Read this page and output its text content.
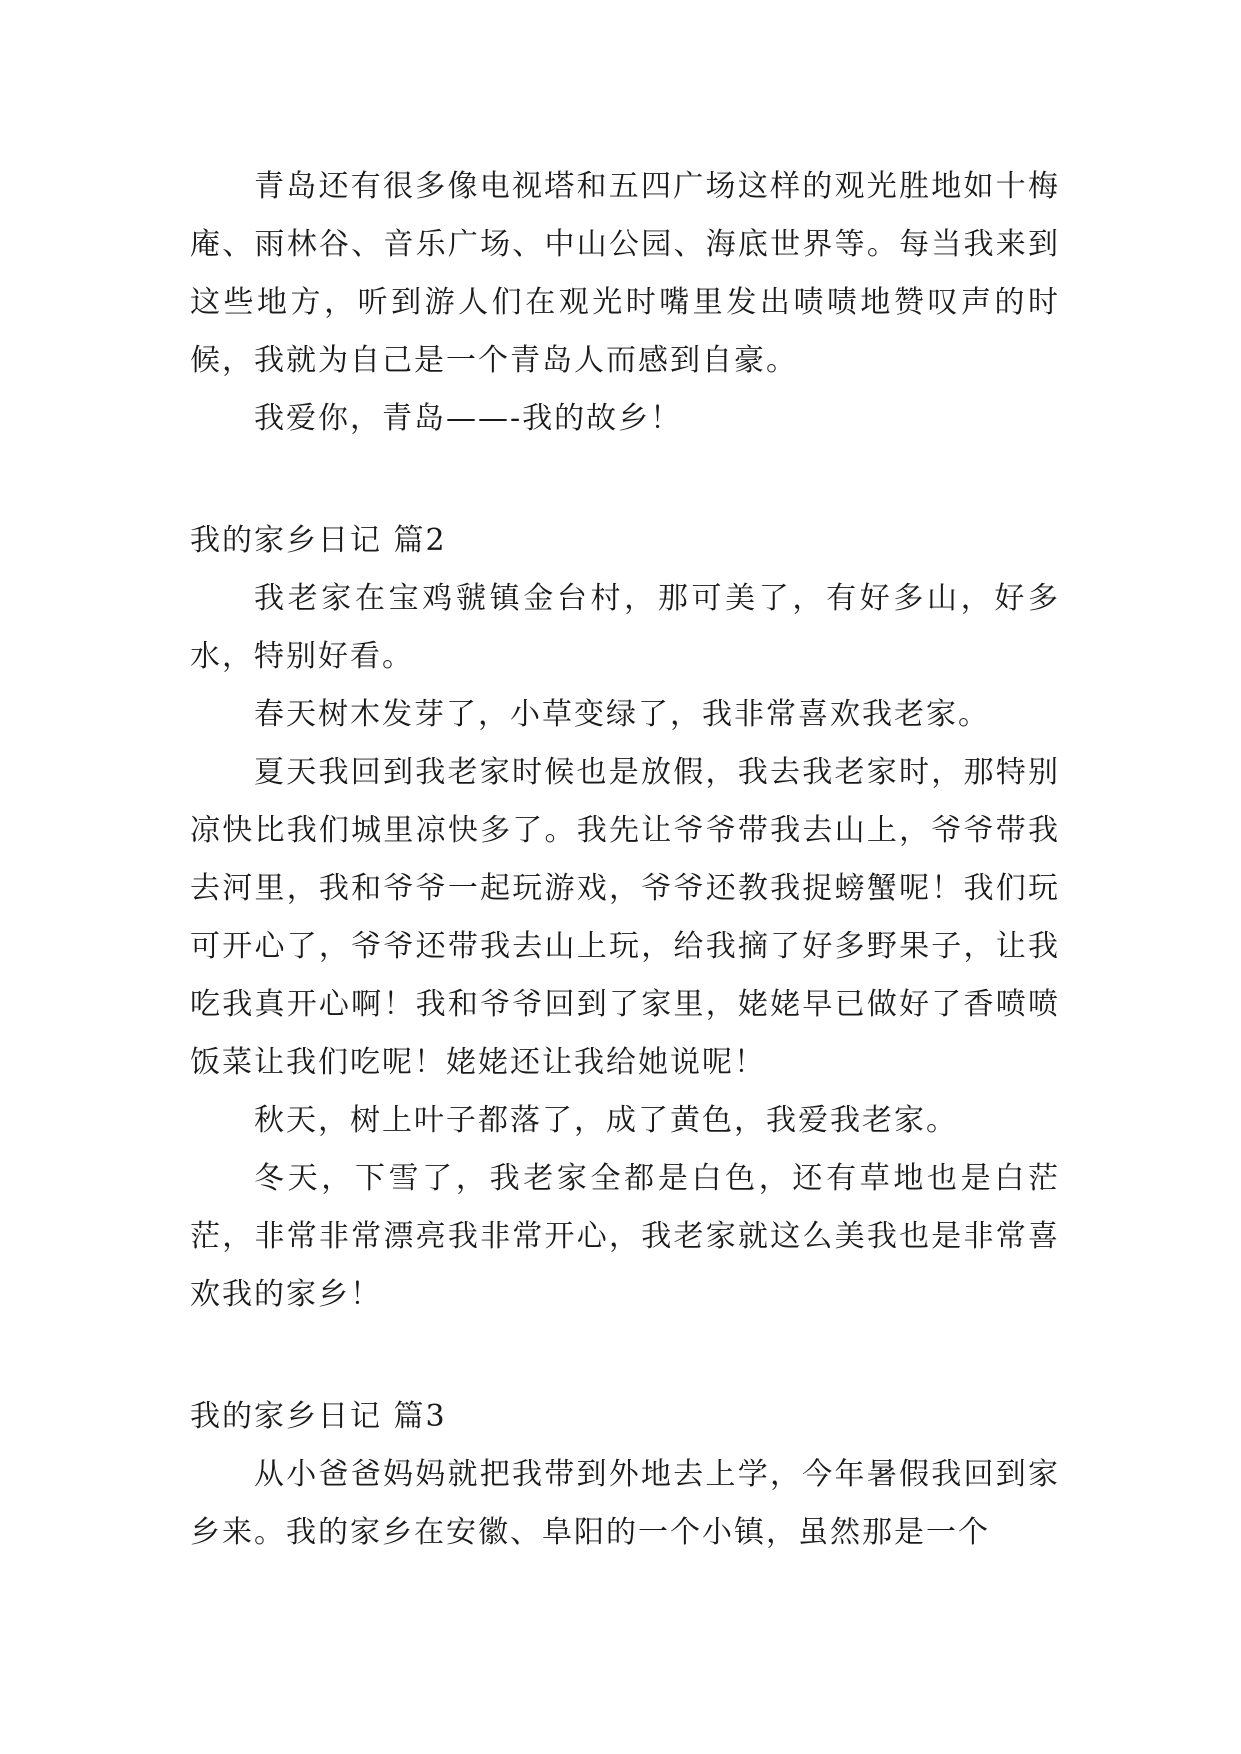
青岛还有很多像电视塔和五四广场这样的观光胜地如十梅庵、雨林谷、音乐广场、中山公园、海底世界等。每当我来到这些地方，听到游人们在观光时嘴里发出啧啧地赞叹声的时候，我就为自己是一个青岛人而感到自豪。

我爱你，青岛——-我的故乡！

我的家乡日记 篇2

我老家在宝鸡虢镇金台村，那可美了，有好多山，好多水，特别好看。

春天树木发芽了，小草变绿了，我非常喜欢我老家。

夏天我回到我老家时候也是放假，我去我老家时，那特别凉快比我们城里凉快多了。我先让爷爷带我去山上，爷爷带我去河里，我和爷爷一起玩游戏，爷爷还教我捉螃蟹呢！我们玩可开心了，爷爷还带我去山上玩，给我摘了好多野果子，让我吃我真开心啊！我和爷爷回到了家里，姥姥早已做好了香喷喷饭菜让我们吃呢！姥姥还让我给她说呢！

秋天，树上叶子都落了，成了黄色，我爱我老家。

冬天，下雪了，我老家全都是白色，还有草地也是白茫茫，非常非常漂亮我非常开心，我老家就这么美我也是非常喜欢我的家乡！

我的家乡日记 篇3

从小爸爸妈妈就把我带到外地去上学，今年暑假我回到家乡来。我的家乡在安徽、阜阳的一个小镇，虽然那是一个
